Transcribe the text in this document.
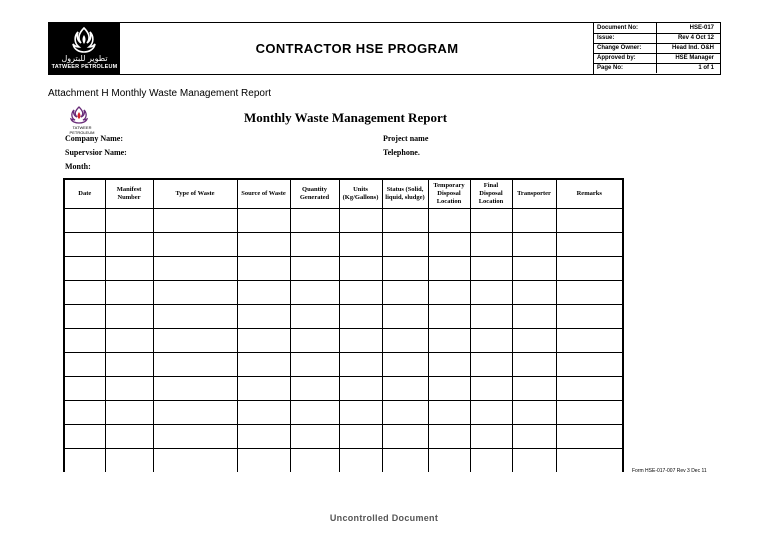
تطوير للبترول
TATWEER PETROLEUM
CONTRACTOR HSE PROGRAM
Document No:	HSE-017
Issue:	Rev 4 Oct 12
Change Owner:	Head Ind. O&H
Approved by:	HSE Manager
Page No:	1 of 1
Attachment H Monthly Waste Management Report
TATWEER PETROLEUM
Monthly Waste Management Report
Company Name:
Supervsior Name:
Month:
Project name
Telephone.
Date	Manifest Number	Type of Waste	Source of Waste	Quantity Generated	Units (Kg/Gallons)	Status (Solid, liquid, sludge)	Temporary Disposal Location	Final Disposal Location	Transporter	Remarks

Form HSE-017-007 Rev 3 Dec 11
Uncontrolled Document
